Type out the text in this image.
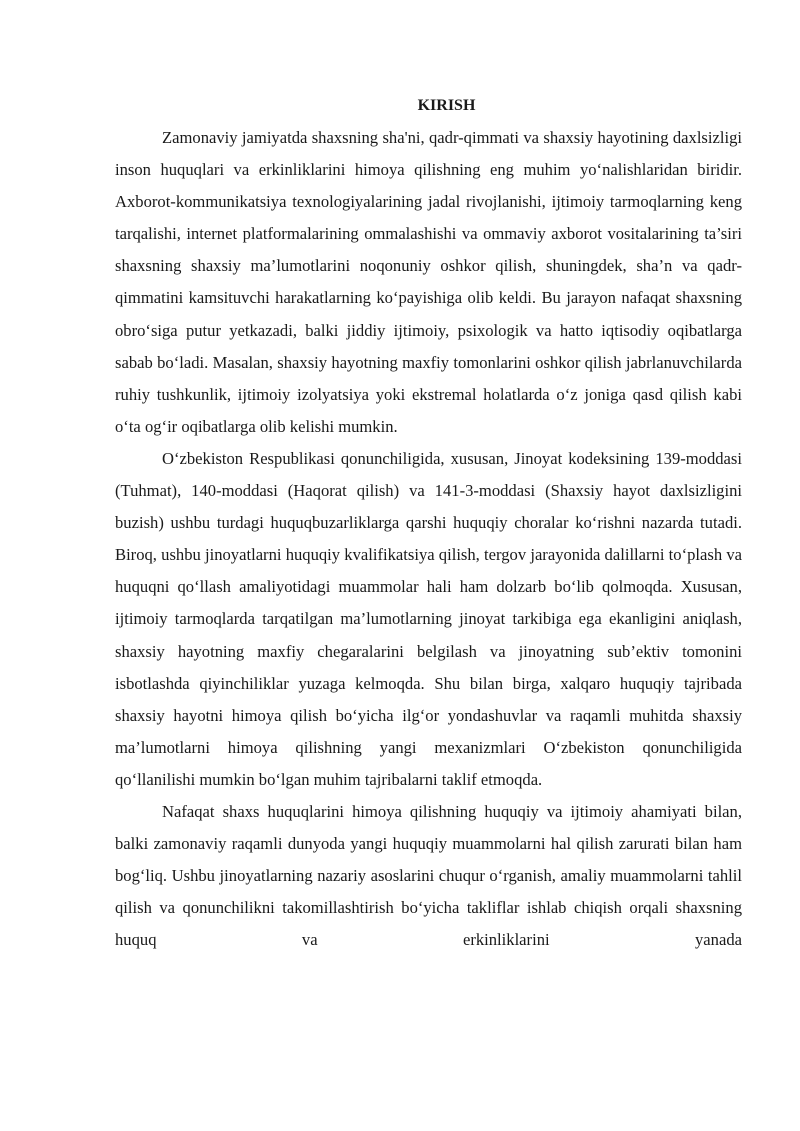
KIRISH

Zamonaviy jamiyatda shaxsning sha'ni, qadr-qimmati va shaxsiy hayotining daxlsizligi inson huquqlari va erkinliklarini himoya qilishning eng muhim yo‘nalishlaridan biridir. Axborot-kommunikatsiya texnologiyalarining jadal rivojlanishi, ijtimoiy tarmoqlarning keng tarqalishi, internet platformalarining ommalashishi va ommaviy axborot vositalarining ta’siri shaxsning shaxsiy ma’lumotlarini noqonuniy oshkor qilish, shuningdek, sha’n va qadr-qimmatini kamsituvchi harakatlarning ko‘payishiga olib keldi. Bu jarayon nafaqat shaxsning obro‘siga putur yetkazadi, balki jiddiy ijtimoiy, psixologik va hatto iqtisodiy oqibatlarga sabab bo‘ladi. Masalan, shaxsiy hayotning maxfiy tomonlarini oshkor qilish jabrlanuvchilarda ruhiy tushkunlik, ijtimoiy izolyatsiya yoki ekstremal holatlarda o‘z joniga qasd qilish kabi o‘ta og‘ir oqibatlarga olib kelishi mumkin.

O‘zbekiston Respublikasi qonunchiligida, xususan, Jinoyat kodeksining 139-moddasi (Tuhmat), 140-moddasi (Haqorat qilish) va 141-3-moddasi (Shaxsiy hayot daxlsizligini buzish) ushbu turdagi huquqbuzarliklarga qarshi huquqiy choralar ko‘rishni nazarda tutadi. Biroq, ushbu jinoyatlarni huquqiy kvalifikatsiya qilish, tergov jarayonida dalillarni to‘plash va huquqni qo‘llash amaliyotidagi muammolar hali ham dolzarb bo‘lib qolmoqda. Xususan, ijtimoiy tarmoqlarda tarqatilgan ma’lumotlarning jinoyat tarkibiga ega ekanligini aniqlash, shaxsiy hayotning maxfiy chegaralarini belgilash va jinoyatning sub’ektiv tomonini isbotlashda qiyinchiliklar yuzaga kelmoqda. Shu bilan birga, xalqaro huquqiy tajribada shaxsiy hayotni himoya qilish bo‘yicha ilg‘or yondashuvlar va raqamli muhitda shaxsiy ma’lumotlarni himoya qilishning yangi mexanizmlari O‘zbekiston qonunchiligida qo‘llanilishi mumkin bo‘lgan muhim tajribalarni taklif etmoqda.

Nafaqat shaxs huquqlarini himoya qilishning huquqiy va ijtimoiy ahamiyati bilan, balki zamonaviy raqamli dunyoda yangi huquqiy muammolarni hal qilish zarurati bilan ham bog‘liq. Ushbu jinoyatlarning nazariy asoslarini chuqur o‘rganish, amaliy muammolarni tahlil qilish va qonunchilikni takomillashtirish bo‘yicha takliflar ishlab chiqish orqali shaxsning huquq va erkinliklarini yanada
